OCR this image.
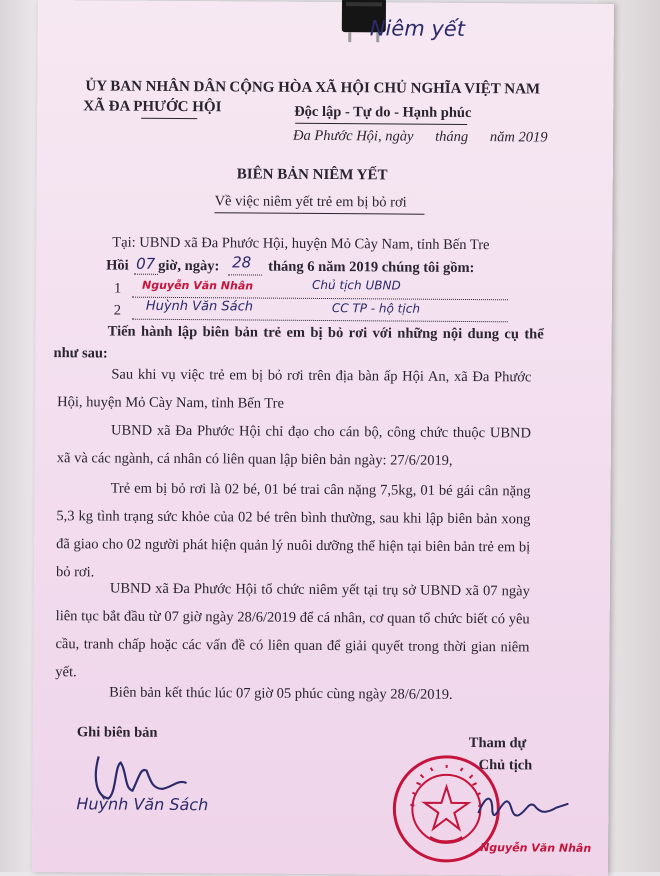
Niêm yết
ỦY BAN NHÂN DÂN
XÃ ĐA PHƯỚC HỘI
CỘNG HÒA XÃ HỘI CHỦ NGHĨA VIỆT NAM
Độc lập - Tự do - Hạnh phúc
Đa Phước Hội, ngày      tháng      năm 2019
BIÊN BẢN NIÊM YẾT
Về việc niêm yết trẻ em bị bỏ rơi
Tại: UBND xã Đa Phước Hội, huyện Mỏ Cày Nam, tỉnh Bến Tre
Hồi 07 giờ, ngày: 28 tháng 6 năm 2019 chúng tôi gồm:
1 Nguyễn Văn Nhân	Chủ tịch UBND
2 Huỳnh Văn Sách	CC TP - hộ tịch
Tiến hành lập biên bản trẻ em bị bỏ rơi với những nội dung cụ thể như sau:
Sau khi vụ việc trẻ em bị bỏ rơi trên địa bàn ấp Hội An, xã Đa Phước Hội, huyện Mỏ Cày Nam, tỉnh Bến Tre
UBND xã Đa Phước Hội chỉ đạo cho cán bộ, công chức thuộc UBND xã và các ngành, cá nhân có liên quan lập biên bản ngày: 27/6/2019,
Trẻ em bị bỏ rơi là 02 bé, 01 bé trai cân nặng 7,5kg, 01 bé gái cân nặng 5,3 kg tình trạng sức khỏe của 02 bé trên bình thường, sau khi lập biên bản xong đã giao cho 02 người phát hiện quản lý nuôi dưỡng thể hiện tại biên bản trẻ em bị bỏ rơi.
UBND xã Đa Phước Hội tổ chức niêm yết tại trụ sở UBND xã 07 ngày liên tục bắt đầu từ 07 giờ ngày 28/6/2019 để cá nhân, cơ quan tổ chức biết có yêu cầu, tranh chấp hoặc các vấn đề có liên quan để giải quyết trong thời gian niêm yết.
Biên bản kết thúc lúc 07 giờ 05 phúc cùng ngày 28/6/2019.
Ghi biên bản
Huỳnh Văn Sách
Tham dự
Chủ tịch
Nguyễn Văn Nhân
